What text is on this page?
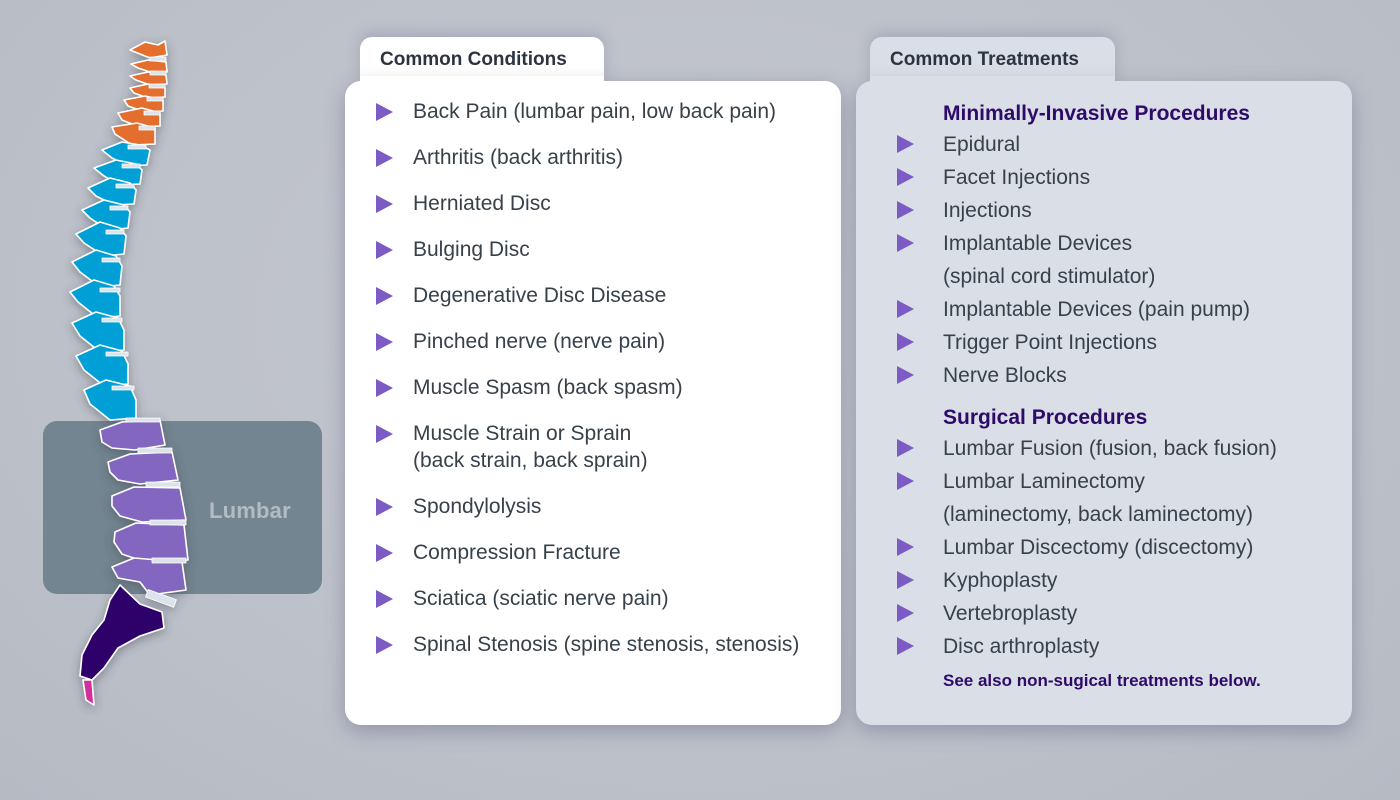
Lumbar
Common Conditions
Back Pain (lumbar pain, low back pain)
Arthritis (back arthritis)
Herniated Disc
Bulging Disc
Degenerative Disc Disease
Pinched nerve (nerve pain)
Muscle Spasm (back spasm)
Muscle Strain or Sprain
(back strain, back sprain)
Spondylolysis
Compression Fracture
Sciatica (sciatic nerve pain)
Spinal Stenosis (spine stenosis, stenosis)
Common Treatments
Minimally-Invasive Procedures
Epidural
Facet Injections
Injections
Implantable Devices
(spinal cord stimulator)
Implantable Devices (pain pump)
Trigger Point Injections
Nerve Blocks
Surgical Procedures
Lumbar Fusion (fusion, back fusion)
Lumbar Laminectomy
(laminectomy, back laminectomy)
Lumbar Discectomy (discectomy)
Kyphoplasty
Vertebroplasty
Disc arthroplasty
See also non-sugical treatments below.
